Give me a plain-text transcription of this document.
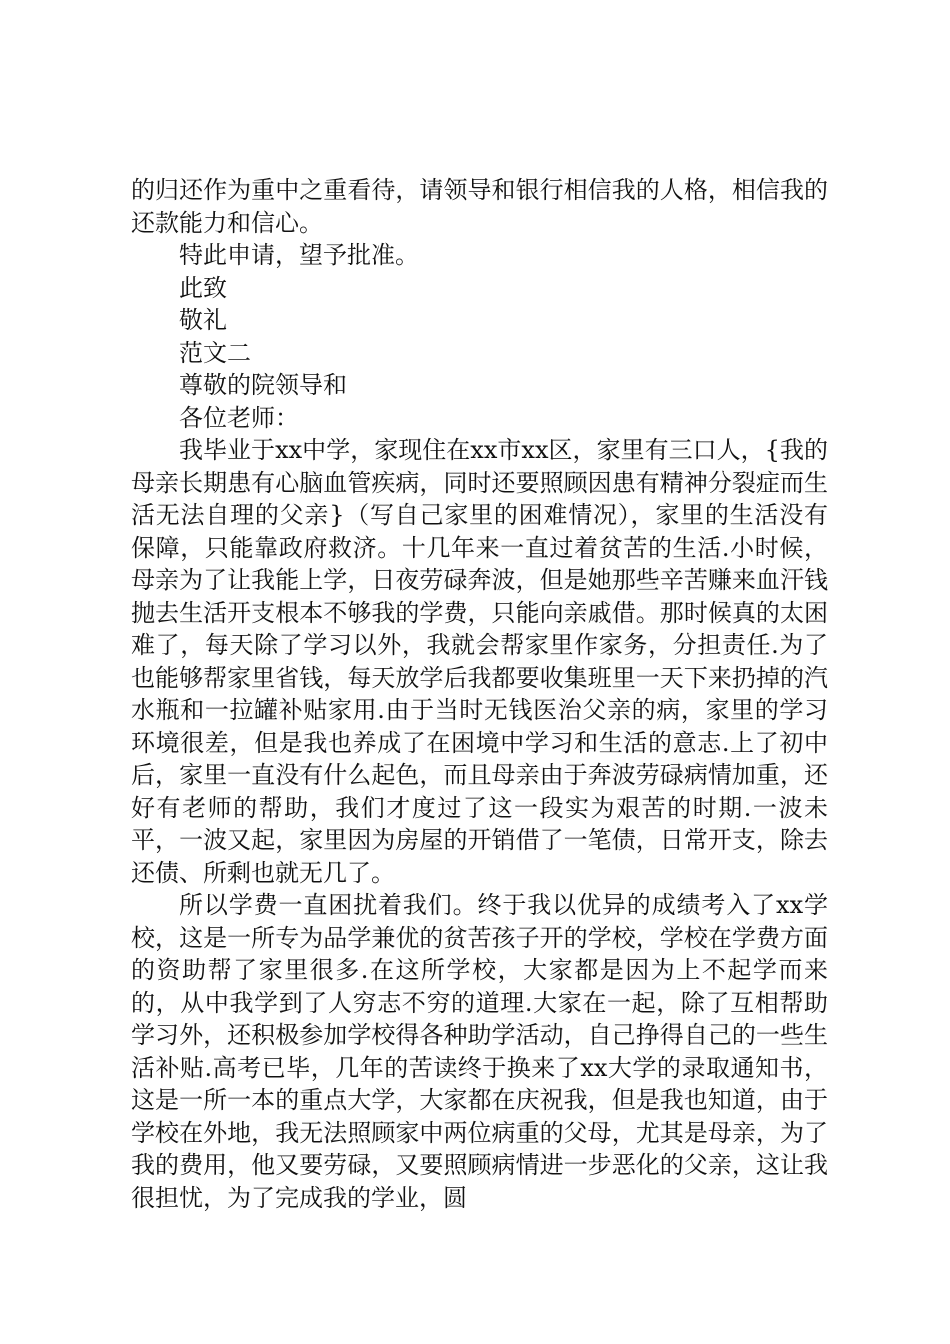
的归还作为重中之重看待，请领导和银行相信我的人格，相信我的还款能力和信心。

特此申请，望予批准。

此致

敬礼

范文二

尊敬的院领导和

各位老师：

我毕业于xx中学，家现住在xx市xx区，家里有三口人，{我的母亲长期患有心脑血管疾病，同时还要照顾因患有精神分裂症而生活无法自理的父亲}（写自己家里的困难情况），家里的生活没有保障，只能靠政府救济。十几年来一直过着贫苦的生活.小时候，母亲为了让我能上学，日夜劳碌奔波，但是她那些辛苦赚来血汗钱抛去生活开支根本不够我的学费，只能向亲戚借。那时候真的太困难了，每天除了学习以外，我就会帮家里作家务，分担责任.为了也能够帮家里省钱，每天放学后我都要收集班里一天下来扔掉的汽水瓶和一拉罐补贴家用.由于当时无钱医治父亲的病，家里的学习环境很差，但是我也养成了在困境中学习和生活的意志.上了初中后，家里一直没有什么起色，而且母亲由于奔波劳碌病情加重，还好有老师的帮助，我们才度过了这一段实为艰苦的时期.一波未平，一波又起，家里因为房屋的开销借了一笔债，日常开支，除去还债、所剩也就无几了。

所以学费一直困扰着我们。终于我以优异的成绩考入了xx学校，这是一所专为品学兼优的贫苦孩子开的学校，学校在学费方面的资助帮了家里很多.在这所学校，大家都是因为上不起学而来的，从中我学到了人穷志不穷的道理.大家在一起，除了互相帮助学习外，还积极参加学校得各种助学活动，自己挣得自己的一些生活补贴.高考已毕，几年的苦读终于换来了xx大学的录取通知书，这是一所一本的重点大学，大家都在庆祝我，但是我也知道，由于学校在外地，我无法照顾家中两位病重的父母，尤其是母亲，为了我的费用，他又要劳碌，又要照顾病情进一步恶化的父亲，这让我很担忧，为了完成我的学业，圆
